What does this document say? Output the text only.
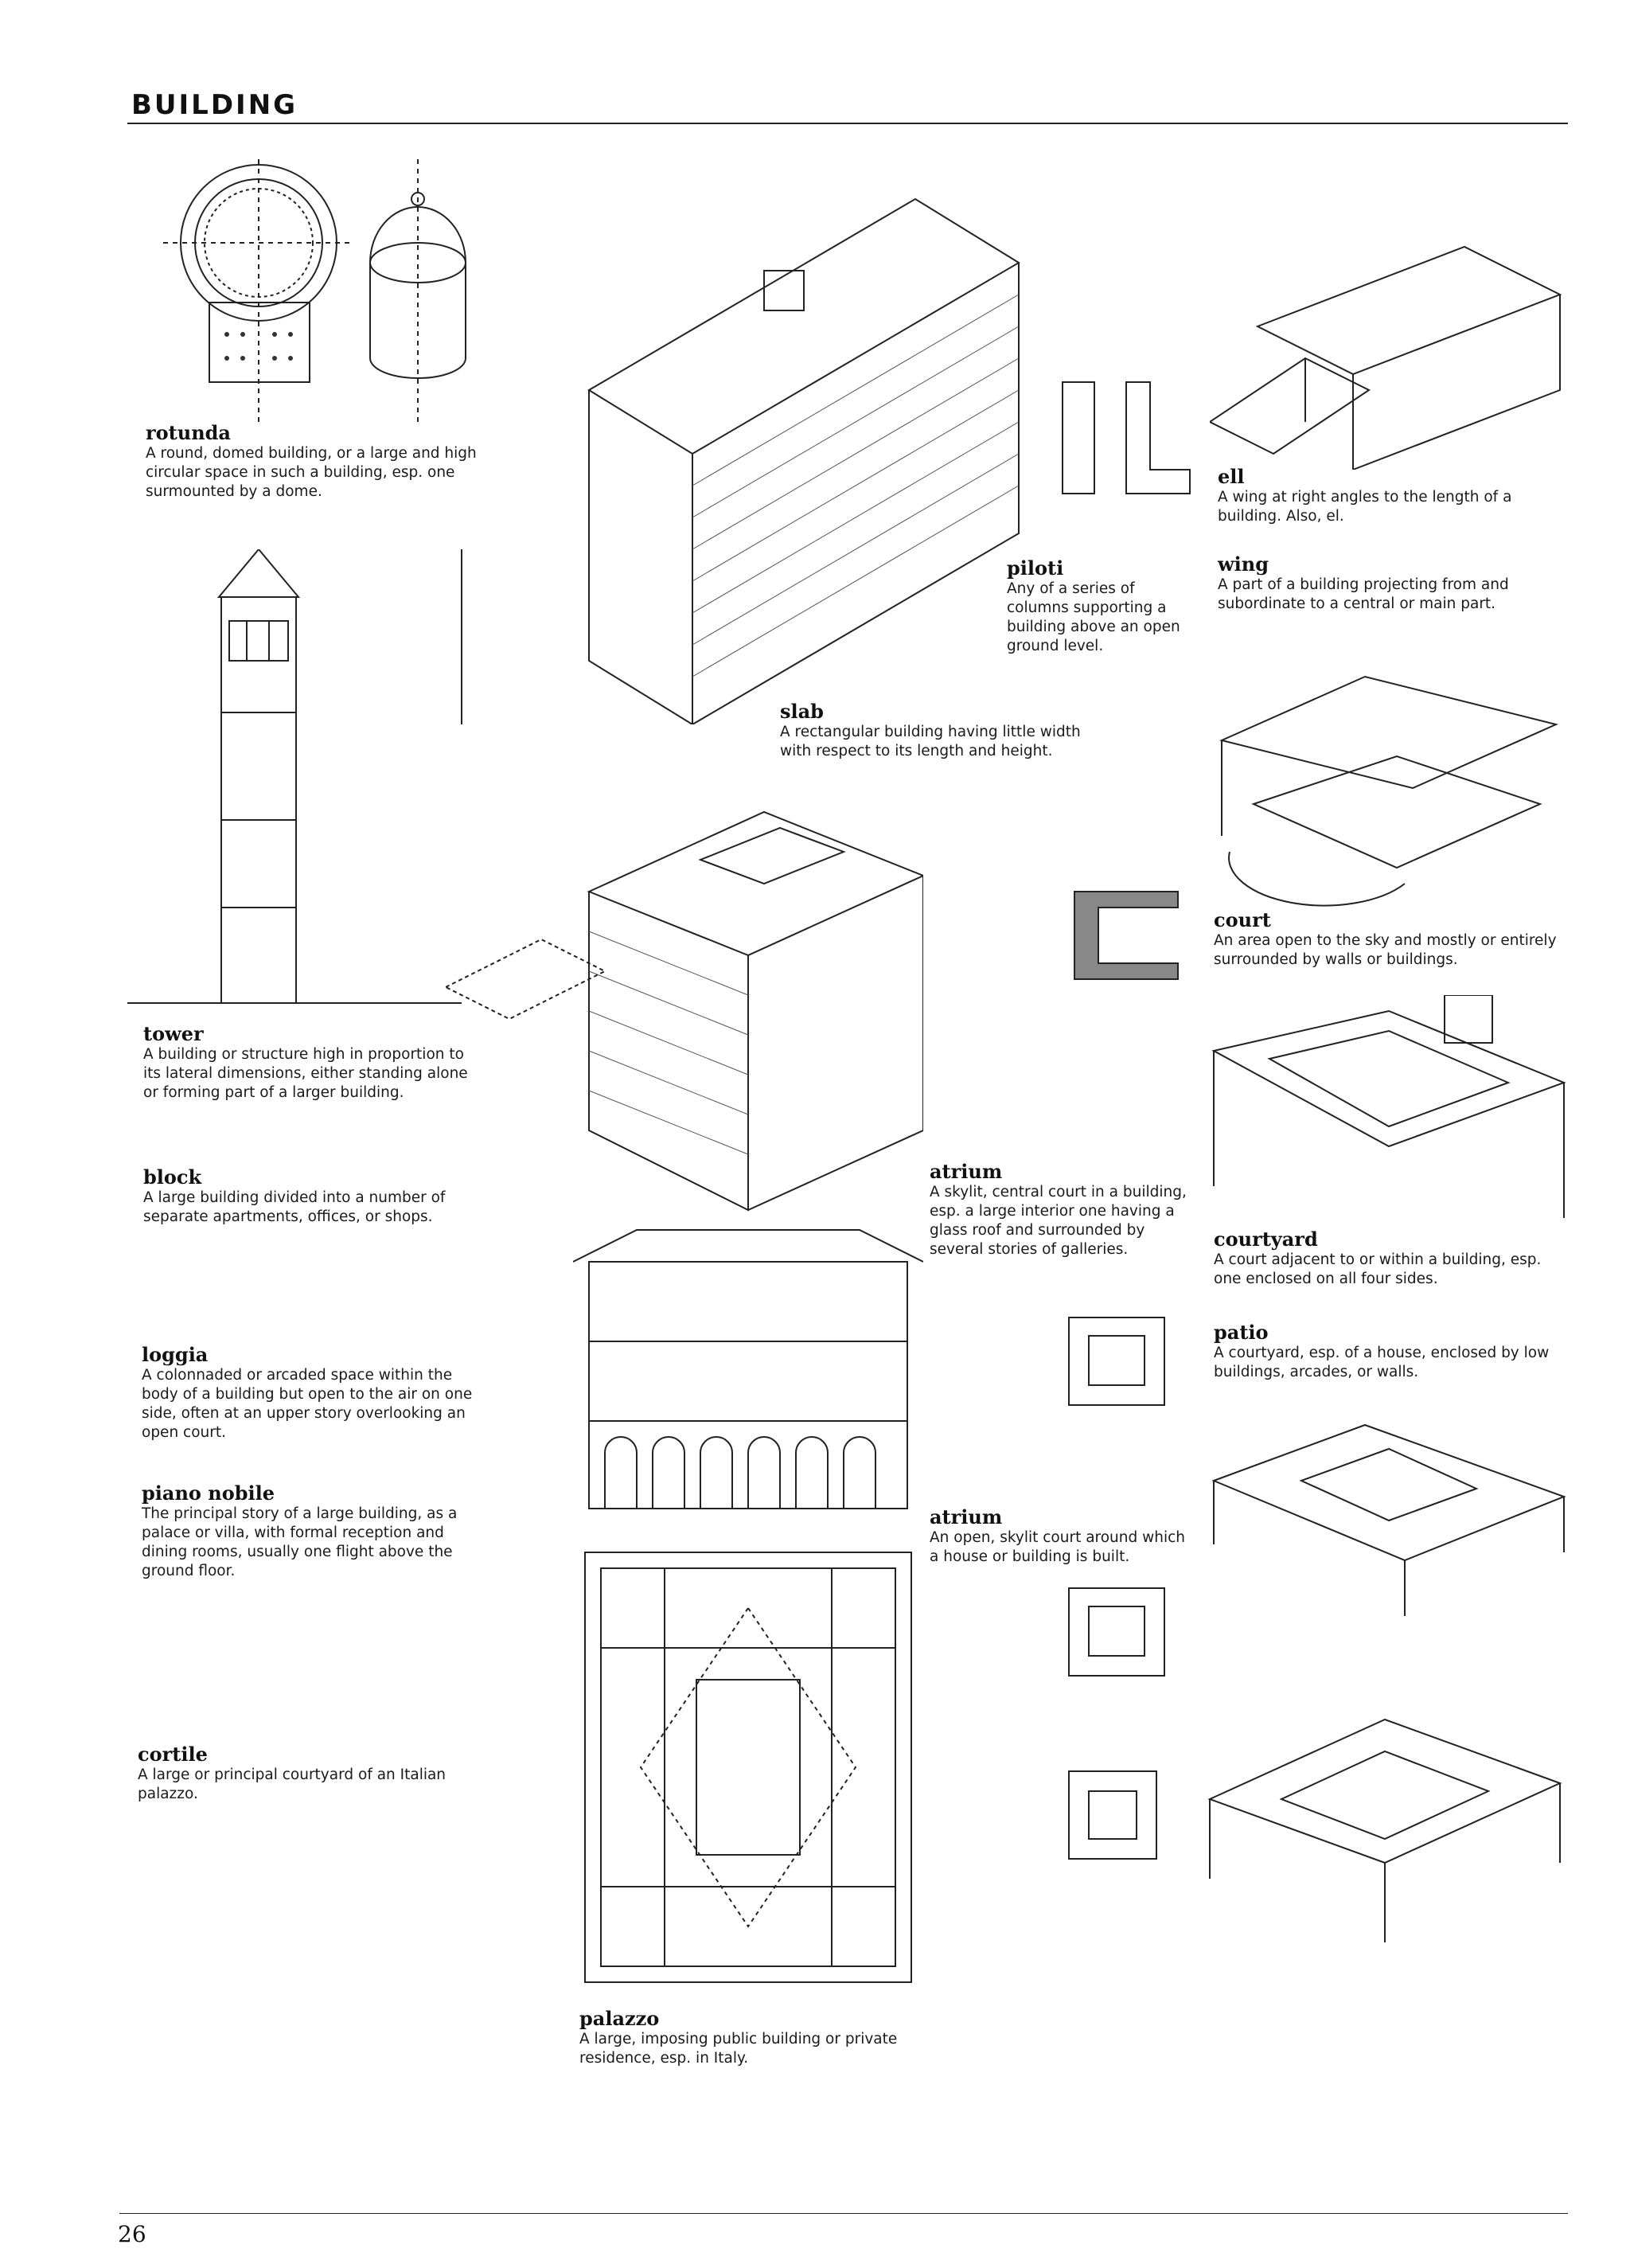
BUILDING
rotunda
A round, domed building, or a large and high circular space in such a building, esp. one surmounted by a dome.
tower
A building or structure high in proportion to its lateral dimensions, either standing alone or forming part of a larger building.
block
A large building divided into a number of separate apartments, offices, or shops.
piloti
Any of a series of columns supporting a building above an open ground level.
slab
A rectangular building having little width with respect to its length and height.
ell
A wing at right angles to the length of a building. Also, el.
wing
A part of a building projecting from and subordinate to a central or main part.
court
An area open to the sky and mostly or entirely surrounded by walls or buildings.
courtyard
A court adjacent to or within a building, esp. one enclosed on all four sides.
patio
A courtyard, esp. of a house, enclosed by low buildings, arcades, or walls.
atrium
A skylit, central court in a building, esp. a large interior one having a glass roof and surrounded by several stories of galleries.
atrium
An open, skylit court around which a house or building is built.
loggia
A colonnaded or arcaded space within the body of a building but open to the air on one side, often at an upper story overlooking an open court.
piano nobile
The principal story of a large building, as a palace or villa, with formal reception and dining rooms, usually one flight above the ground floor.
cortile
A large or principal courtyard of an Italian palazzo.
palazzo
A large, imposing public building or private residence, esp. in Italy.
26
